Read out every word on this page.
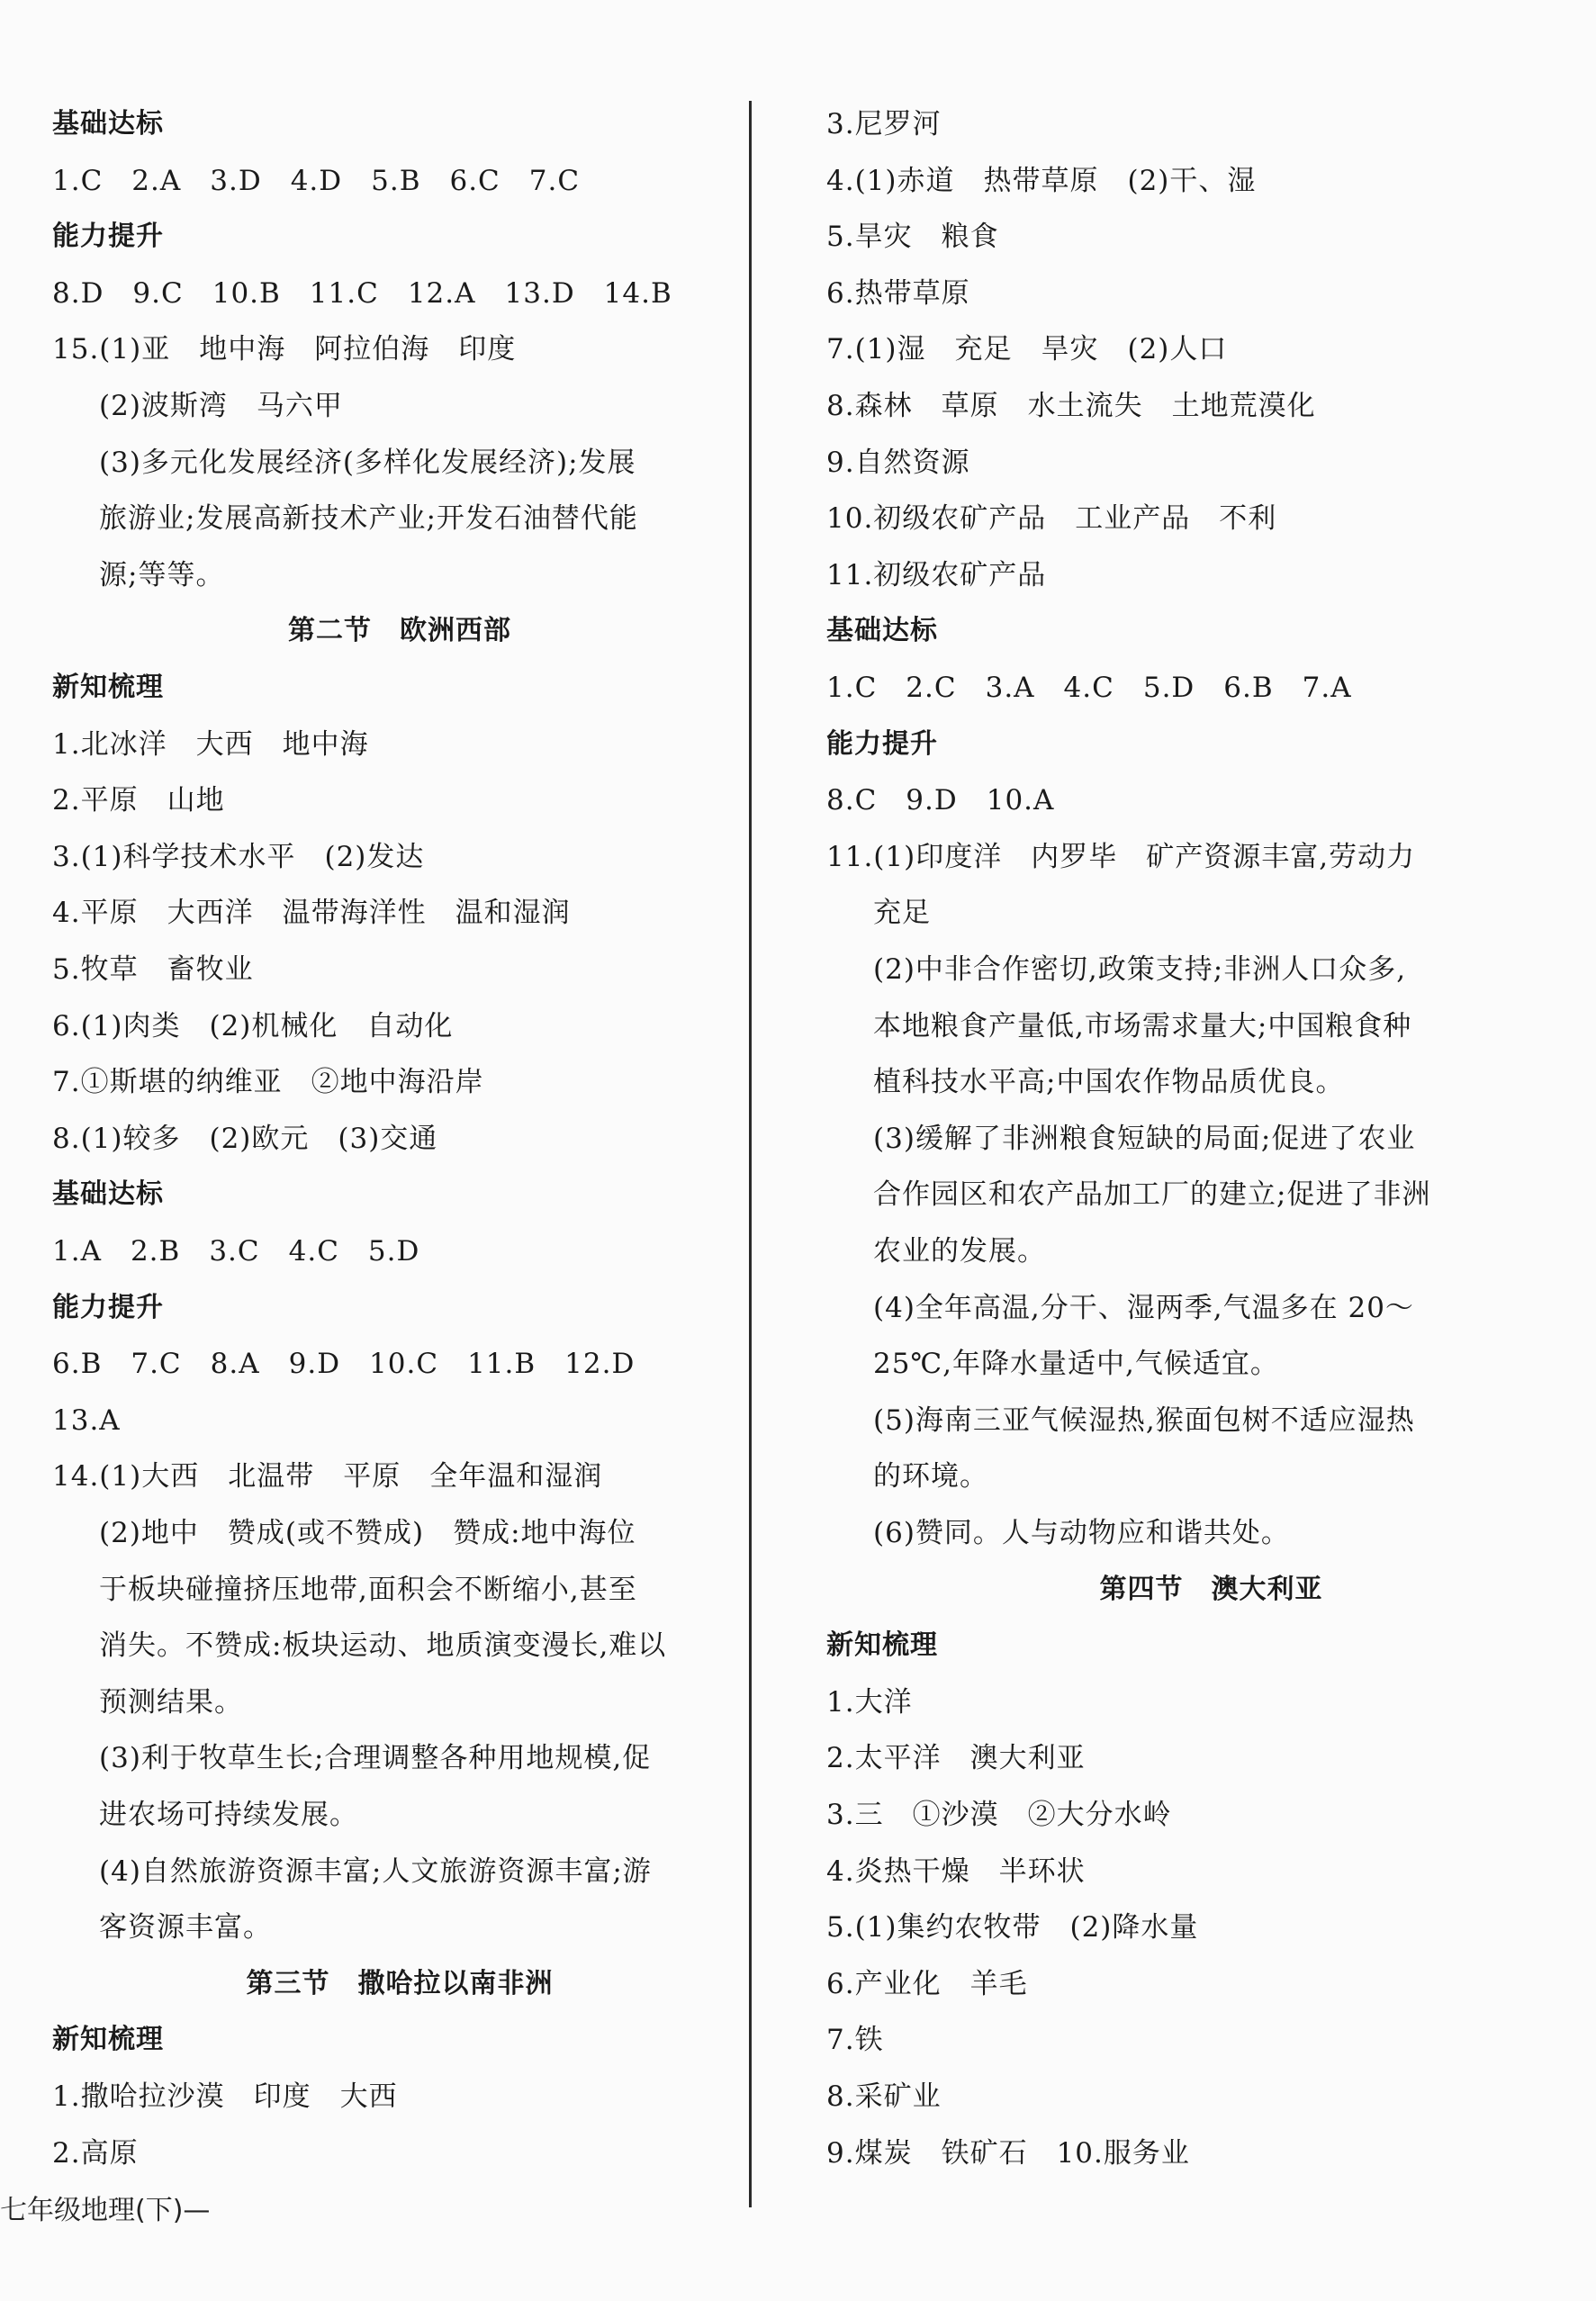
基础达标
1.C　2.A　3.D　4.D　5.B　6.C　7.C
能力提升
8.D　9.C　10.B　11.C　12.A　13.D　14.B
15.(1)亚　地中海　阿拉伯海　印度
(2)波斯湾　马六甲
(3)多元化发展经济(多样化发展经济);发展
旅游业;发展高新技术产业;开发石油替代能
源;等等。
第二节　欧洲西部
新知梳理
1.北冰洋　大西　地中海
2.平原　山地
3.(1)科学技术水平　(2)发达
4.平原　大西洋　温带海洋性　温和湿润
5.牧草　畜牧业
6.(1)肉类　(2)机械化　自动化
7.①斯堪的纳维亚　②地中海沿岸
8.(1)较多　(2)欧元　(3)交通
基础达标
1.A　2.B　3.C　4.C　5.D
能力提升
6.B　7.C　8.A　9.D　10.C　11.B　12.D
13.A
14.(1)大西　北温带　平原　全年温和湿润
(2)地中　赞成(或不赞成)　赞成:地中海位
于板块碰撞挤压地带,面积会不断缩小,甚至
消失。不赞成:板块运动、地质演变漫长,难以
预测结果。
(3)利于牧草生长;合理调整各种用地规模,促
进农场可持续发展。
(4)自然旅游资源丰富;人文旅游资源丰富;游
客资源丰富。
第三节　撒哈拉以南非洲
新知梳理
1.撒哈拉沙漠　印度　大西
2.高原
3.尼罗河
4.(1)赤道　热带草原　(2)干、湿
5.旱灾　粮食
6.热带草原
7.(1)湿　充足　旱灾　(2)人口
8.森林　草原　水土流失　土地荒漠化
9.自然资源
10.初级农矿产品　工业产品　不利
11.初级农矿产品
基础达标
1.C　2.C　3.A　4.C　5.D　6.B　7.A
能力提升
8.C　9.D　10.A
11.(1)印度洋　内罗毕　矿产资源丰富,劳动力
充足
(2)中非合作密切,政策支持;非洲人口众多,
本地粮食产量低,市场需求量大;中国粮食种
植科技水平高;中国农作物品质优良。
(3)缓解了非洲粮食短缺的局面;促进了农业
合作园区和农产品加工厂的建立;促进了非洲
农业的发展。
(4)全年高温,分干、湿两季,气温多在 20～
25℃,年降水量适中,气候适宜。
(5)海南三亚气候湿热,猴面包树不适应湿热
的环境。
(6)赞同。人与动物应和谐共处。
第四节　澳大利亚
新知梳理
1.大洋
2.太平洋　澳大利亚
3.三　①沙漠　②大分水岭
4.炎热干燥　半环状
5.(1)集约农牧带　(2)降水量
6.产业化　羊毛
7.铁
8.采矿业
9.煤炭　铁矿石　10.服务业
七年级地理(下)—
